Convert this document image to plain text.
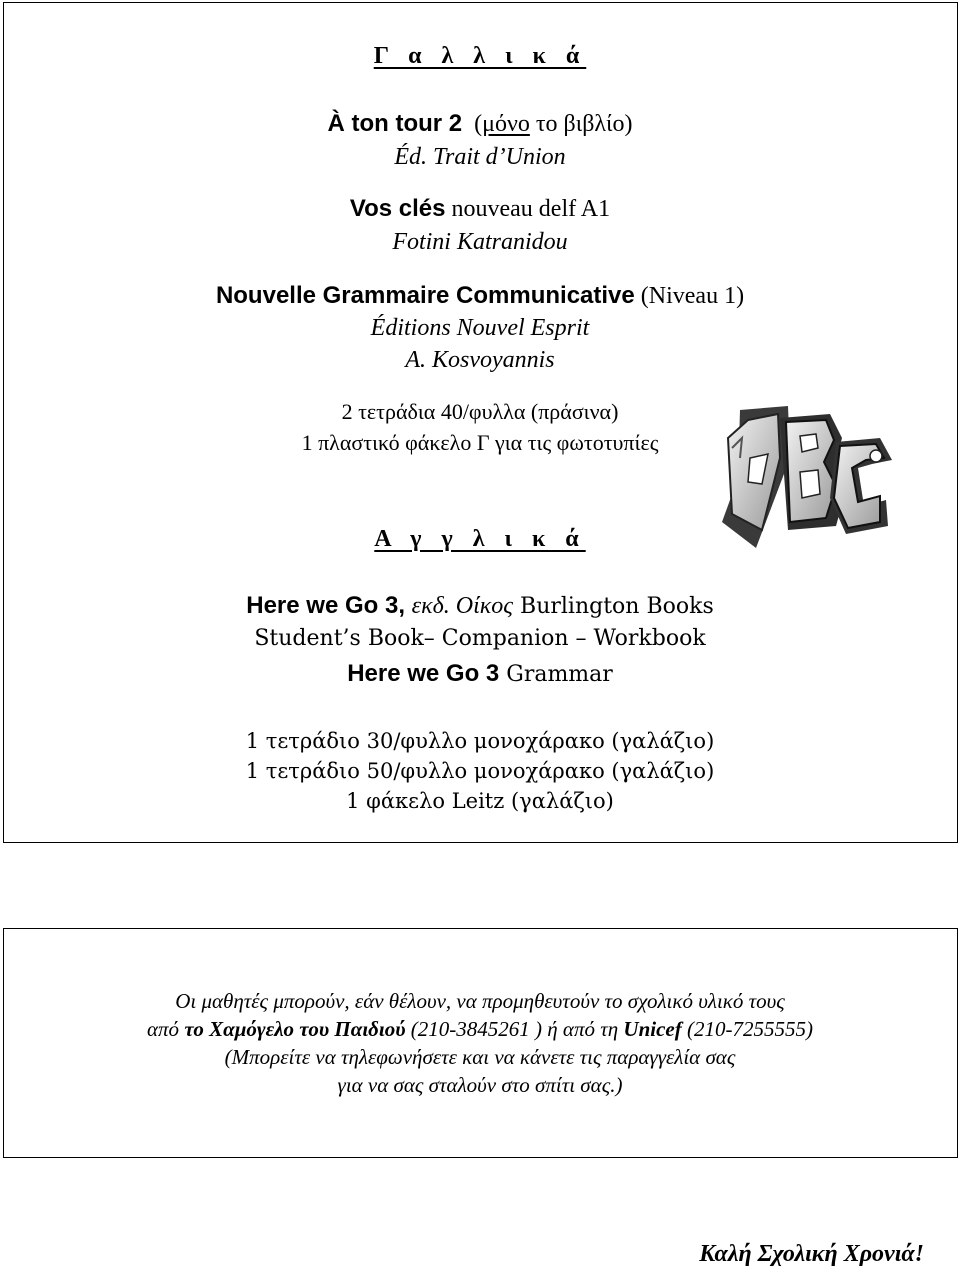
Γ α λ λ ι κ ά
À ton tour 2 (μόνο το βιβλίο)
Éd. Trait d’Union
Vos clés nouveau delf A1
Fotini Katranidou
Nouvelle Grammaire Communicative (Niveau 1)
Éditions Nouvel Esprit
A. Kosvoyannis
2 τετράδια 40/φυλλα (πράσινα)
1 πλαστικό φάκελο Γ για τις φωτοτυπίες
Α γ γ λ ι κ ά
Here we Go 3, εκδ. Οίκος Burlington Books
Student’s Book– Companion – Workbook
Here we Go 3 Grammar
1 τετράδιο 30/φυλλο μονοχάρακο (γαλάζιο)
1 τετράδιο 50/φυλλο μονοχάρακο (γαλάζιο)
1 φάκελο Leitz (γαλάζιο)
Οι μαθητές μπορούν, εάν θέλουν, να προμηθευτούν το σχολικό υλικό τους
από το Χαμόγελο του Παιδιού (210-3845261 ) ή από τη Unicef (210-7255555)
(Μπορείτε να τηλεφωνήσετε και να κάνετε τις παραγγελία σας
για να σας σταλούν στο σπίτι σας.)
Καλή Σχολική Χρονιά!
